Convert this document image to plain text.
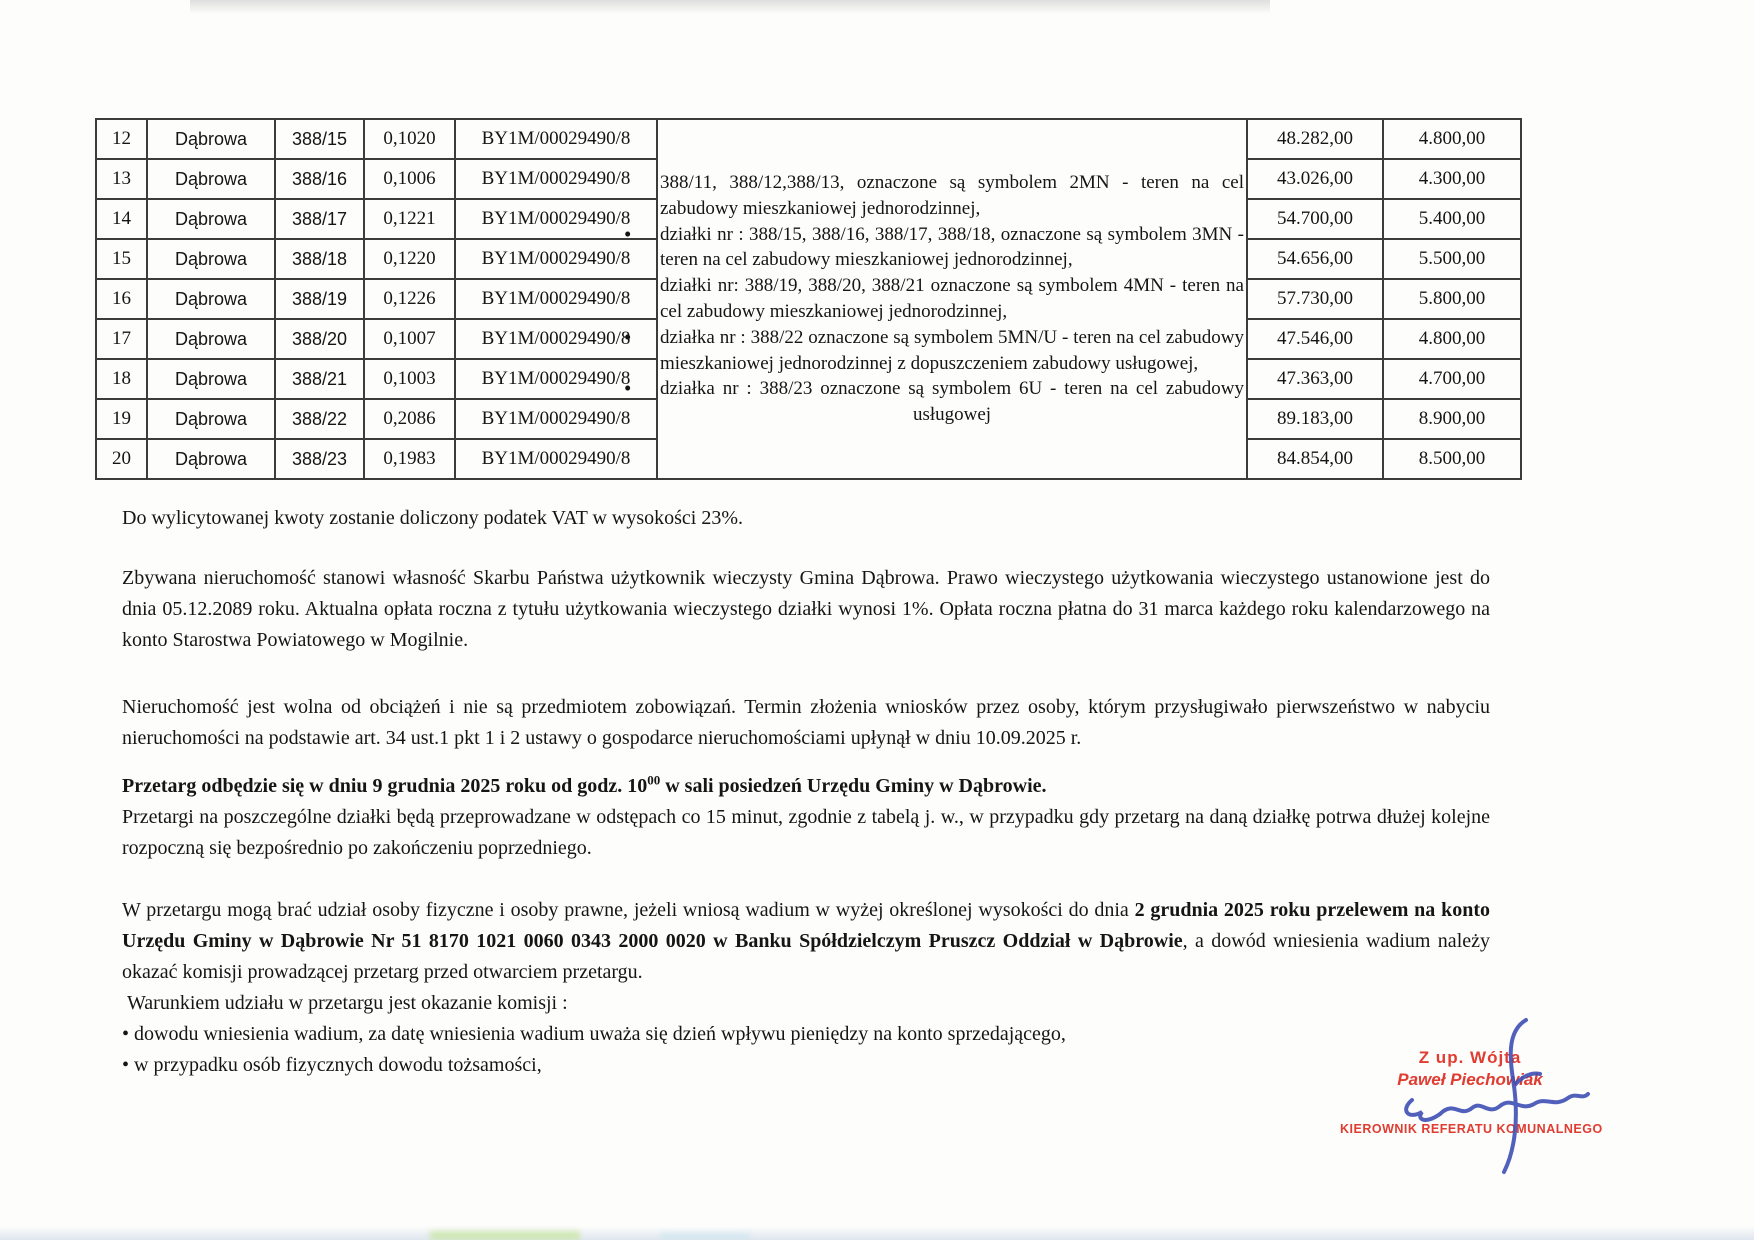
12	Dąbrowa	388/15	0,1020	BY1M/00029490/8	388/11, 388/12,388/13, oznaczone są symbolem 2MN - teren na cel zabudowy mieszkaniowej jednorodzinnej,
• działki nr : 388/15, 388/16, 388/17, 388/18, oznaczone są symbolem 3MN - teren na cel zabudowy mieszkaniowej jednorodzinnej,
działki nr: 388/19, 388/20, 388/21 oznaczone są symbolem 4MN - teren na cel zabudowy mieszkaniowej jednorodzinnej,
• działka nr : 388/22 oznaczone są symbolem 5MN/U - teren na cel zabudowy mieszkaniowej jednorodzinnej z dopuszczeniem zabudowy usługowej,
• działka nr : 388/23 oznaczone są symbolem 6U - teren na cel zabudowy usługowej	48.282,00	4.800,00
13	Dąbrowa	388/16	0,1006	BY1M/00029490/8		43.026,00	4.300,00
14	Dąbrowa	388/17	0,1221	BY1M/00029490/8		54.700,00	5.400,00
15	Dąbrowa	388/18	0,1220	BY1M/00029490/8		54.656,00	5.500,00
16	Dąbrowa	388/19	0,1226	BY1M/00029490/8		57.730,00	5.800,00
17	Dąbrowa	388/20	0,1007	BY1M/00029490/8		47.546,00	4.800,00
18	Dąbrowa	388/21	0,1003	BY1M/00029490/8		47.363,00	4.700,00
19	Dąbrowa	388/22	0,2086	BY1M/00029490/8		89.183,00	8.900,00
20	Dąbrowa	388/23	0,1983	BY1M/00029490/8		84.854,00	8.500,00

Do wylicytowanej kwoty zostanie doliczony podatek VAT w wysokości 23%.

Zbywana nieruchomość stanowi własność Skarbu Państwa użytkownik wieczysty Gmina Dąbrowa. Prawo wieczystego użytkowania wieczystego ustanowione jest do dnia 05.12.2089 roku. Aktualna opłata roczna z tytułu użytkowania wieczystego działki wynosi 1%. Opłata roczna płatna do 31 marca każdego roku kalendarzowego na konto Starostwa Powiatowego w Mogilnie.

Nieruchomość jest wolna od obciążeń i nie są przedmiotem zobowiązań. Termin złożenia wniosków przez osoby, którym przysługiwało pierwszeństwo w nabyciu nieruchomości na podstawie art. 34 ust.1 pkt 1 i 2 ustawy o gospodarce nieruchomościami upłynął w dniu 10.09.2025 r.

Przetarg odbędzie się w dniu 9 grudnia 2025 roku od godz. $10^{00}$ w sali posiedzeń Urzędu Gminy w Dąbrowie.
Przetargi na poszczególne działki będą przeprowadzane w odstępach co 15 minut, zgodnie z tabelą j. w., w przypadku gdy przetarg na daną działkę potrwa dłużej kolejne rozpoczną się bezpośrednio po zakończeniu poprzedniego.

W przetargu mogą brać udział osoby fizyczne i osoby prawne, jeżeli wniosą wadium w wyżej określonej wysokości do dnia 2 grudnia 2025 roku przelewem na konto Urzędu Gminy w Dąbrowie Nr 51 8170 1021 0060 0343 2000 0020 w Banku Spółdzielczym Pruszcz Oddział w Dąbrowie, a dowód wniesienia wadium należy okazać komisji prowadzącej przetarg przed otwarciem przetargu.

Warunkiem udziału w przetargu jest okazanie komisji :

• dowodu wniesienia wadium, za datę wniesienia wadium uważa się dzień wpływu pieniędzy na konto sprzedającego,

• w przypadku osób fizycznych dowodu tożsamości,	Z up. Wójta
Paweł Piechowiak
KIEROWNIK REFERATU KOMUNALNEGO
